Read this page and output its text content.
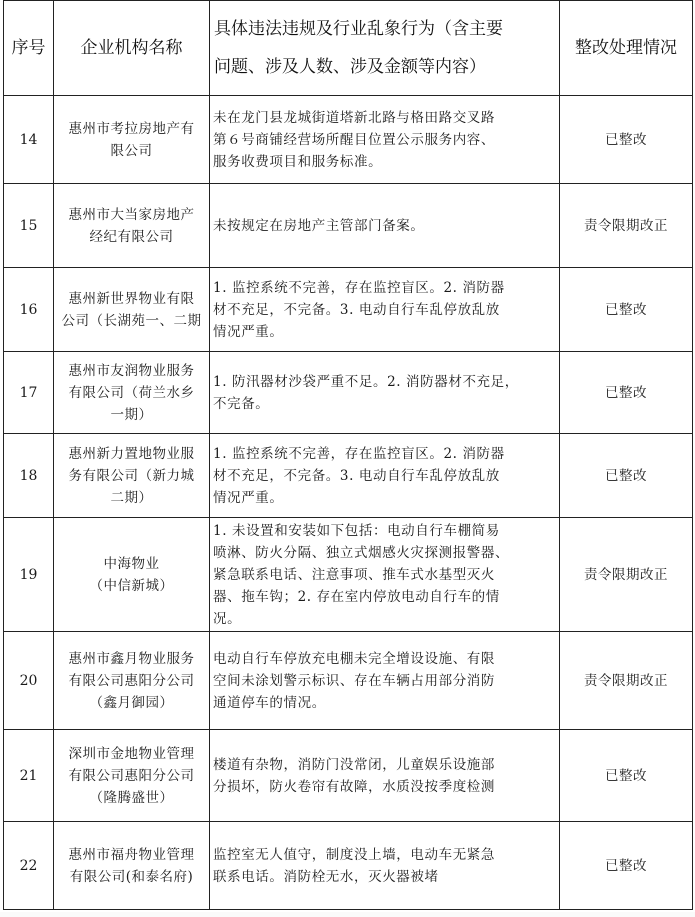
序号	企业机构名称	具体违法违规及行业乱象行为（含主要
问题、涉及人数、涉及金额等内容）	整改处理情况
14	惠州市考拉房地产有
限公司	未在龙门县龙城街道塔新北路与格田路交叉路
第６号商铺经营场所醒目位置公示服务内容、
服务收费项目和服务标准。	已整改
15	惠州市大当家房地产
经纪有限公司	未按规定在房地产主管部门备案。	责令限期改正
16	惠州新世界物业有限
公司（长湖苑一、二期	1. 监控系统不完善，存在监控盲区。2. 消防器
材不充足，不完备。3. 电动自行车乱停放乱放
情况严重。	已整改
17	惠州市友润物业服务
有限公司（荷兰水乡
一期）	1. 防汛器材沙袋严重不足。2. 消防器材不充足，
不完备。	已整改
18	惠州新力置地物业服
务有限公司（新力城
二期）	1. 监控系统不完善，存在监控盲区。2. 消防器
材不充足，不完备。3. 电动自行车乱停放乱放
情况严重。	已整改
19	中海物业
（中信新城）	1. 未设置和安装如下包括：电动自行车棚简易
喷淋、防火分隔、独立式烟感火灾探测报警器、
紧急联系电话、注意事项、推车式水基型灭火
器、拖车钩；2. 存在室内停放电动自行车的情
况。	责令限期改正
20	惠州市鑫月物业服务
有限公司惠阳分公司
（鑫月御园）	电动自行车停放充电棚未完全增设设施、有限
空间未涂划警示标识、存在车辆占用部分消防
通道停车的情况。	责令限期改正
21	深圳市金地物业管理
有限公司惠阳分公司
（隆腾盛世）	楼道有杂物，消防门没常闭，儿童娱乐设施部
分损坏，防火卷帘有故障，水质没按季度检测	已整改
22	惠州市福舟物业管理
有限公司(和泰名府)	监控室无人值守，制度没上墙，电动车无紧急
联系电话。消防栓无水，灭火器被堵	已整改
